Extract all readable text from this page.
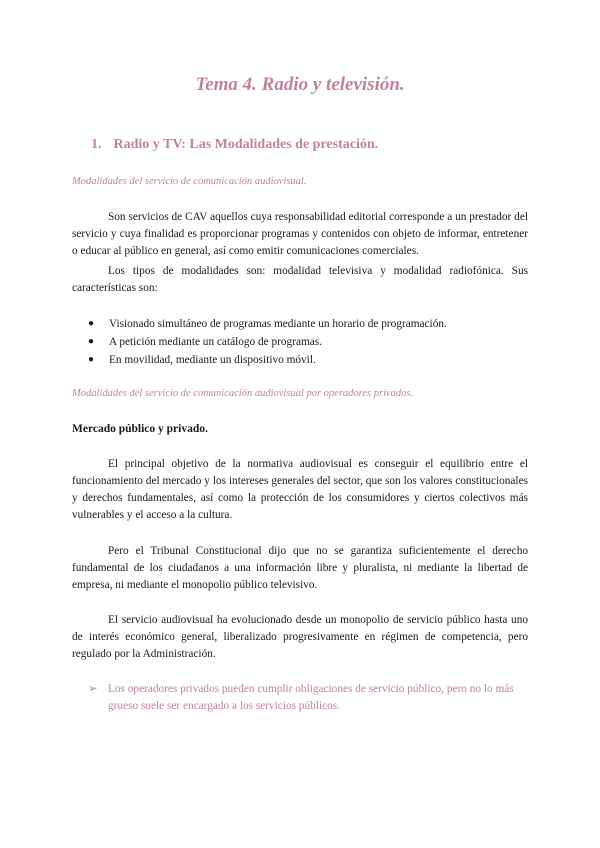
Tema 4. Radio y televisión.
1. Radio y TV: Las Modalidades de prestación.

Modalidades del servicio de comunicación audiovisual.

Son servicios de CAV aquellos cuya responsabilidad editorial corresponde a un prestador del servicio y cuya finalidad es proporcionar programas y contenidos con objeto de informar, entretener o educar al público en general, así como emitir comunicaciones comerciales.

Los tipos de modalidades son: modalidad televisiva y modalidad radiofónica. Sus características son:

● Visionado simultáneo de programas mediante un horario de programación.
● A petición mediante un catálogo de programas.
● En movilidad, mediante un dispositivo móvil.

Modalidades del servicio de comunicación audiovisual por operadores privados.

Mercado público y privado.

El principal objetivo de la normativa audiovisual es conseguir el equilibrio entre el funcionamiento del mercado y los intereses generales del sector, que son los valores constitucionales y derechos fundamentales, así como la protección de los consumidores y ciertos colectivos más vulnerables y el acceso a la cultura.

Pero el Tribunal Constitucional dijo que no se garantiza suficientemente el derecho fundamental de los ciudadanos a una información libre y pluralista, ni mediante la libertad de empresa, ni mediante el monopolio público televisivo.

El servicio audiovisual ha evolucionado desde un monopolio de servicio público hasta uno de interés económico general, liberalizado progresivamente en régimen de competencia, pero regulado por la Administración.

➢ Los operadores privados pueden cumplir obligaciones de servicio público, pero no lo más grueso suele ser encargado a los servicios públicos.
